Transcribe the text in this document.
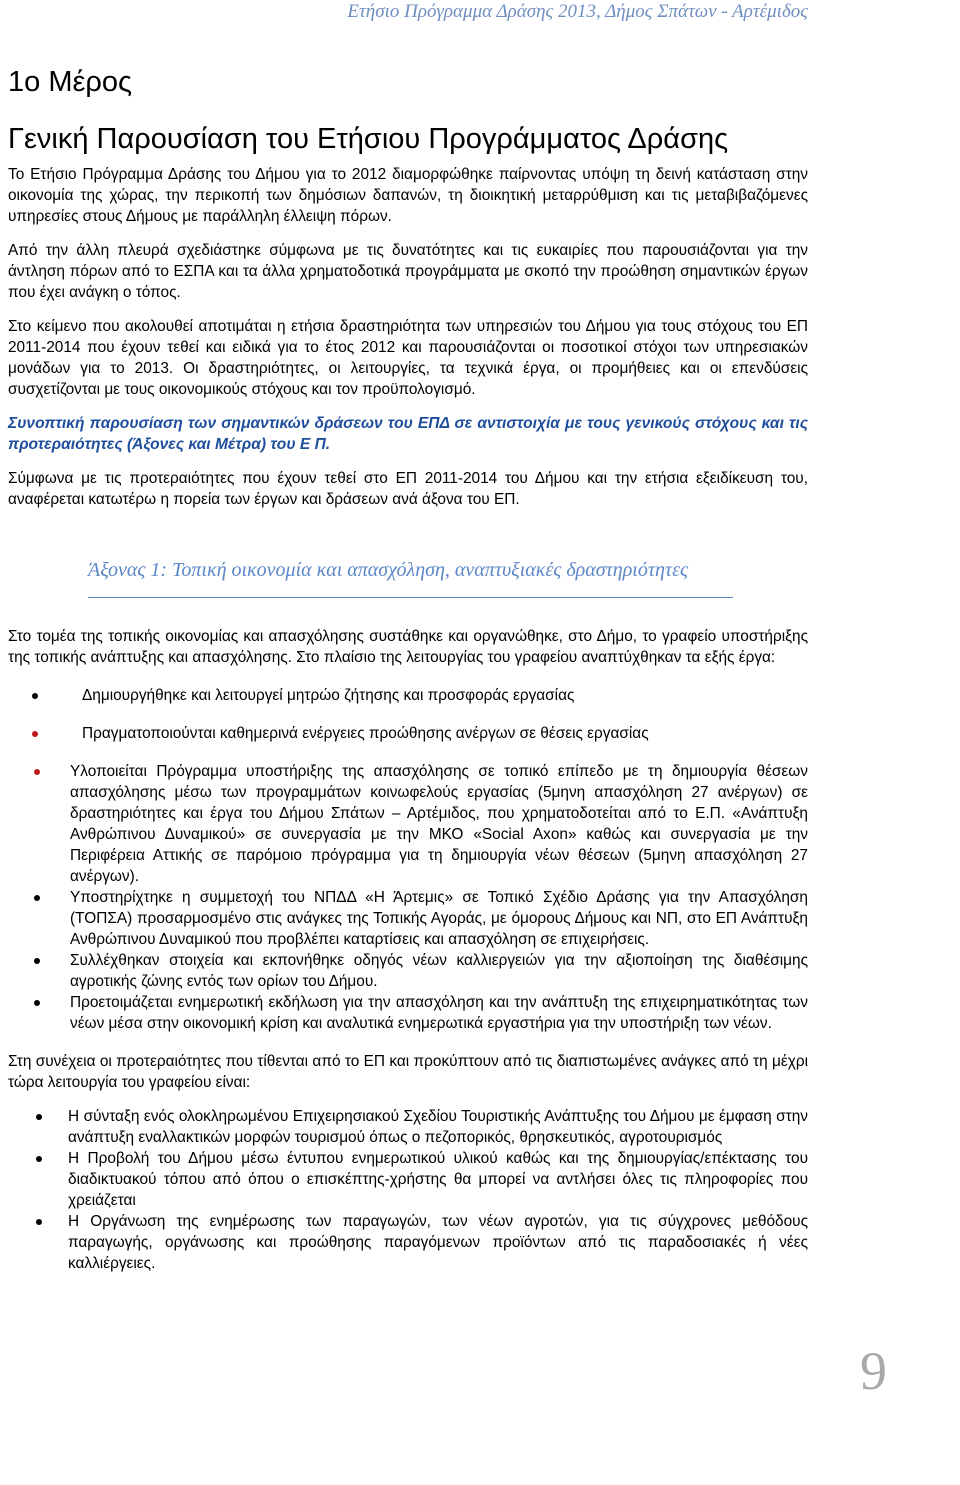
Ετήσιο Πρόγραμμα Δράσης 2013, Δήμος Σπάτων - Αρτέμιδος
1ο Μέρος
Γενική Παρουσίαση του Ετήσιου Προγράμματος Δράσης

Το Ετήσιο Πρόγραμμα Δράσης του Δήμου για το 2012 διαμορφώθηκε παίρνοντας υπόψη τη δεινή κατάσταση στην οικονομία της χώρας, την περικοπή των δημόσιων δαπανών, τη διοικητική μεταρρύθμιση και τις μεταβιβαζόμενες υπηρεσίες στους Δήμους με παράλληλη έλλειψη πόρων.

Από την άλλη πλευρά σχεδιάστηκε σύμφωνα με τις δυνατότητες και τις ευκαιρίες που παρουσιάζονται για την άντληση πόρων από το ΕΣΠΑ και τα άλλα χρηματοδοτικά προγράμματα με σκοπό την προώθηση σημαντικών έργων που έχει ανάγκη ο τόπος.

Στο κείμενο που ακολουθεί αποτιμάται η ετήσια δραστηριότητα των υπηρεσιών του Δήμου για τους στόχους του ΕΠ 2011-2014 που έχουν τεθεί και ειδικά για το έτος 2012 και παρουσιάζονται οι ποσοτικοί στόχοι των υπηρεσιακών μονάδων για το 2013. Οι δραστηριότητες, οι λειτουργίες, τα τεχνικά έργα, οι προμήθειες και οι επενδύσεις συσχετίζονται με τους οικονομικούς στόχους και τον προϋπολογισμό.

Συνοπτική παρουσίαση των σημαντικών δράσεων του ΕΠΔ σε αντιστοιχία με τους γενικούς στόχους και τις προτεραιότητες (Άξονες και Μέτρα) του Ε Π.

Σύμφωνα με τις προτεραιότητες που έχουν τεθεί στο ΕΠ 2011-2014 του Δήμου και την ετήσια εξειδίκευση του, αναφέρεται κατωτέρω η πορεία των έργων και δράσεων ανά άξονα του ΕΠ.

Άξονας 1: Τοπική οικονομία και απασχόληση, αναπτυξιακές δραστηριότητες

Στο τομέα της τοπικής οικονομίας και απασχόλησης συστάθηκε και οργανώθηκε, στο Δήμο, το γραφείο υποστήριξης της τοπικής ανάπτυξης και απασχόλησης. Στο πλαίσιο της λειτουργίας του γραφείου αναπτύχθηκαν τα εξής έργα:

Δημιουργήθηκε και λειτουργεί μητρώο ζήτησης και προσφοράς εργασίας
Πραγματοποιούνται καθημερινά ενέργειες προώθησης ανέργων σε θέσεις εργασίας
Υλοποιείται Πρόγραμμα υποστήριξης της απασχόλησης σε τοπικό επίπεδο με τη δημιουργία θέσεων απασχόλησης μέσω των προγραμμάτων κοινωφελούς εργασίας (5μηνη απασχόληση 27 ανέργων) σε δραστηριότητες και έργα του Δήμου Σπάτων – Αρτέμιδος, που χρηματοδοτείται από το Ε.Π. «Ανάπτυξη Ανθρώπινου Δυναμικού» σε συνεργασία με την ΜΚΟ «Social Axon» καθώς και συνεργασία με την Περιφέρεια Αττικής σε παρόμοιο πρόγραμμα για τη δημιουργία νέων θέσεων (5μηνη απασχόληση 27 ανέργων).
Υποστηρίχτηκε η συμμετοχή του ΝΠΔΔ «Η Άρτεμις» σε Τοπικό Σχέδιο Δράσης για την Απασχόληση (ΤΟΠΣΑ) προσαρμοσμένο στις ανάγκες της Τοπικής Αγοράς, με όμορους Δήμους και ΝΠ, στο ΕΠ Ανάπτυξη Ανθρώπινου Δυναμικού που προβλέπει καταρτίσεις και απασχόληση σε επιχειρήσεις.
Συλλέχθηκαν στοιχεία και εκπονήθηκε οδηγός νέων καλλιεργειών για την αξιοποίηση της διαθέσιμης αγροτικής ζώνης εντός των ορίων του Δήμου.
Προετοιμάζεται ενημερωτική εκδήλωση για την απασχόληση και την ανάπτυξη της επιχειρηματικότητας των νέων μέσα στην οικονομική κρίση και αναλυτικά ενημερωτικά εργαστήρια για την υποστήριξη των νέων.

Στη συνέχεια οι προτεραιότητες που τίθενται από το ΕΠ και προκύπτουν από τις διαπιστωμένες ανάγκες από τη μέχρι τώρα λειτουργία του γραφείου είναι:

Η σύνταξη ενός ολοκληρωμένου Επιχειρησιακού Σχεδίου Τουριστικής Ανάπτυξης του Δήμου με έμφαση στην ανάπτυξη εναλλακτικών μορφών τουρισμού όπως ο πεζοπορικός, θρησκευτικός, αγροτουρισμός
Η Προβολή του Δήμου μέσω έντυπου ενημερωτικού υλικού καθώς και της δημιουργίας/επέκτασης του διαδικτυακού τόπου από όπου ο επισκέπτης-χρήστης θα μπορεί να αντλήσει όλες τις πληροφορίες που χρειάζεται
Η Οργάνωση της ενημέρωσης των παραγωγών, των νέων αγροτών, για τις σύγχρονες μεθόδους παραγωγής, οργάνωσης και προώθησης παραγόμενων προϊόντων από τις παραδοσιακές ή νέες καλλιέργειες.
9
